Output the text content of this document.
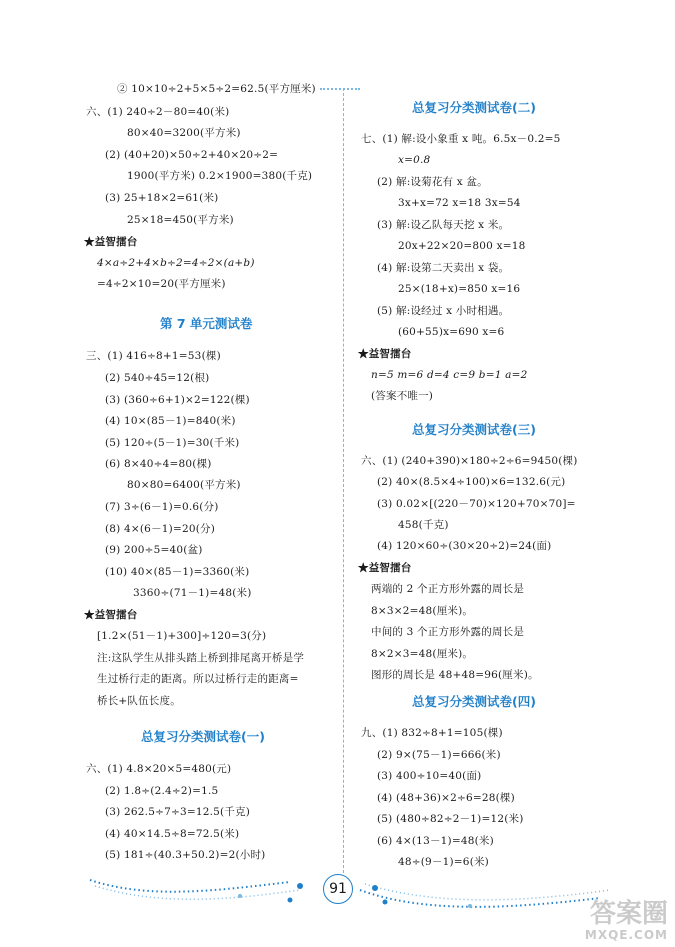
② 10×10÷2+5×5÷2=62.5(平方厘米)
六、(1) 240÷2－80=40(米)
80×40=3200(平方米)
(2) (40+20)×50÷2+40×20÷2=
1900(平方米) 0.2×1900=380(千克)
(3) 25+18×2=61(米)
25×18=450(平方米)
★益智擂台
4×a÷2+4×b÷2=4÷2×(a+b)
=4÷2×10=20(平方厘米)
第 7 单元测试卷
三、(1) 416÷8+1=53(棵)
(2) 540÷45=12(根)
(3) (360÷6+1)×2=122(棵)
(4) 10×(85－1)=840(米)
(5) 120÷(5－1)=30(千米)
(6) 8×40÷4=80(棵)
80×80=6400(平方米)
(7) 3÷(6－1)=0.6(分)
(8) 4×(6－1)=20(分)
(9) 200÷5=40(盆)
(10) 40×(85－1)=3360(米)
3360÷(71－1)=48(米)
★益智擂台
[1.2×(51－1)+300]÷120=3(分)
注:这队学生从排头踏上桥到排尾离开桥是学
生过桥行走的距离。所以过桥行走的距离=
桥长+队伍长度。
总复习分类测试卷(一)
六、(1) 4.8×20×5=480(元)
(2) 1.8÷(2.4÷2)=1.5
(3) 262.5÷7÷3=12.5(千克)
(4) 40×14.5÷8=72.5(米)
(5) 181÷(40.3+50.2)=2(小时)
总复习分类测试卷(二)
七、(1) 解:设小象重 x 吨。6.5x－0.2=5
x=0.8
(2) 解:设菊花有 x 盆。
3x+x=72 x=18 3x=54
(3) 解:设乙队每天挖 x 米。
20x+22×20=800 x=18
(4) 解:设第二天卖出 x 袋。
25×(18+x)=850 x=16
(5) 解:设经过 x 小时相遇。
(60+55)x=690 x=6
★益智擂台
n=5 m=6 d=4 c=9 b=1 a=2
(答案不唯一)
总复习分类测试卷(三)
六、(1) (240+390)×180÷2÷6=9450(棵)
(2) 40×(8.5×4÷100)×6=132.6(元)
(3) 0.02×[(220－70)×120+70×70]=
458(千克)
(4) 120×60÷(30×20÷2)=24(面)
★益智擂台
两端的 2 个正方形外露的周长是
8×3×2=48(厘米)。
中间的 3 个正方形外露的周长是
8×2×3=48(厘米)。
图形的周长是 48+48=96(厘米)。
总复习分类测试卷(四)
九、(1) 832÷8+1=105(棵)
(2) 9×(75－1)=666(米)
(3) 400÷10=40(面)
(4) (48+36)×2÷6=28(棵)
(5) (480÷82÷2－1)=12(米)
(6) 4×(13－1)=48(米)
48÷(9－1)=6(米)
91
答案圈
MXQE.COM
